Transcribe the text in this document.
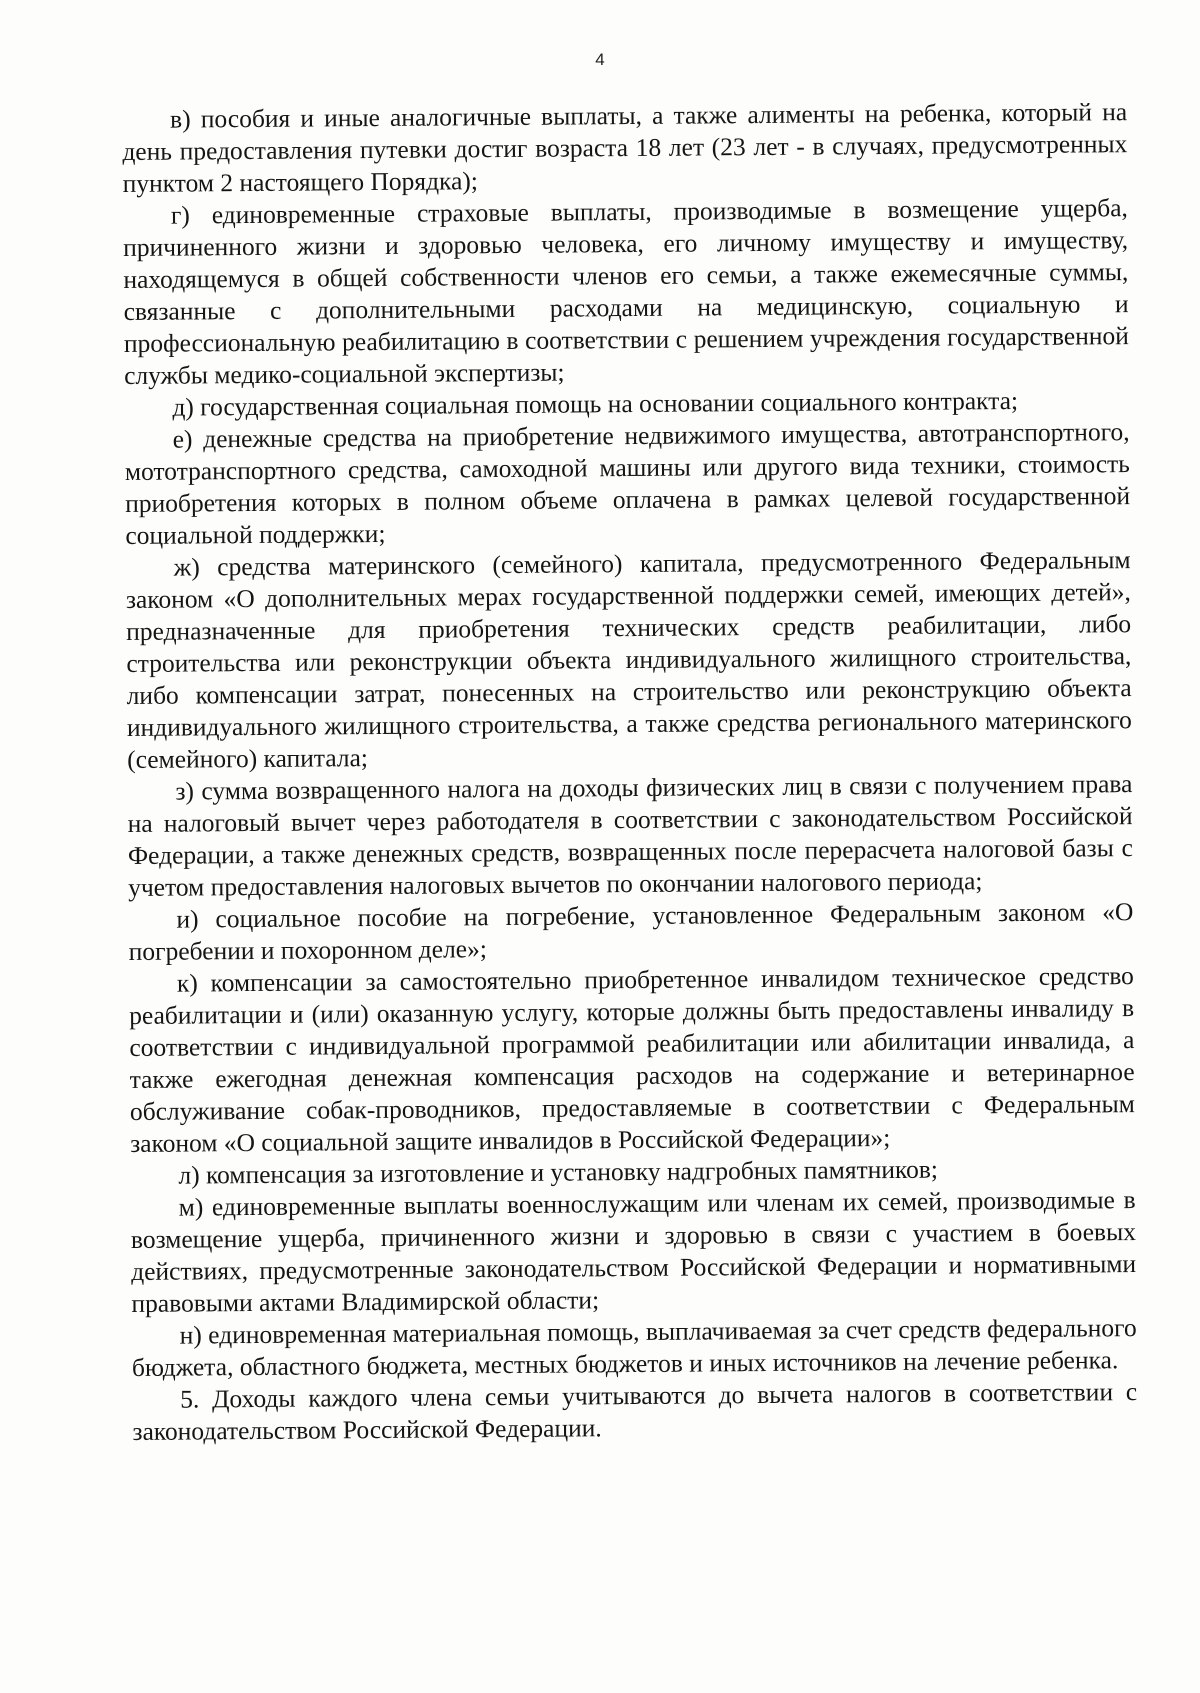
4

в) пособия и иные аналогичные выплаты, а также алименты на ребенка, который на день предоставления путевки достиг возраста 18 лет (23 лет - в случаях, предусмотренных пунктом 2 настоящего Порядка);

г) единовременные страховые выплаты, производимые в возмещение ущерба, причиненного жизни и здоровью человека, его личному имуществу и имуществу, находящемуся в общей собственности членов его семьи, а также ежемесячные суммы, связанные с дополнительными расходами на медицинскую, социальную и профессиональную реабилитацию в соответствии с решением учреждения государственной службы медико-социальной экспертизы;

д) государственная социальная помощь на основании социального контракта;

е) денежные средства на приобретение недвижимого имущества, автотранспортного, мототранспортного средства, самоходной машины или другого вида техники, стоимость приобретения которых в полном объеме оплачена в рамках целевой государственной социальной поддержки;

ж) средства материнского (семейного) капитала, предусмотренного Федеральным законом «О дополнительных мерах государственной поддержки семей, имеющих детей», предназначенные для приобретения технических средств реабилитации, либо строительства или реконструкции объекта индивидуального жилищного строительства, либо компенсации затрат, понесенных на строительство или реконструкцию объекта индивидуального жилищного строительства, а также средства регионального материнского (семейного) капитала;

з) сумма возвращенного налога на доходы физических лиц в связи с получением права на налоговый вычет через работодателя в соответствии с законодательством Российской Федерации, а также денежных средств, возвращенных после перерасчета налоговой базы с учетом предоставления налоговых вычетов по окончании налогового периода;

и) социальное пособие на погребение, установленное Федеральным законом «О погребении и похоронном деле»;

к) компенсации за самостоятельно приобретенное инвалидом техническое средство реабилитации и (или) оказанную услугу, которые должны быть предоставлены инвалиду в соответствии с индивидуальной программой реабилитации или абилитации инвалида, а также ежегодная денежная компенсация расходов на содержание и ветеринарное обслуживание собак-проводников, предоставляемые в соответствии с Федеральным законом «О социальной защите инвалидов в Российской Федерации»;

л) компенсация за изготовление и установку надгробных памятников;

м) единовременные выплаты военнослужащим или членам их семей, производимые в возмещение ущерба, причиненного жизни и здоровью в связи с участием в боевых действиях, предусмотренные законодательством Российской Федерации и нормативными правовыми актами Владимирской области;

н) единовременная материальная помощь, выплачиваемая за счет средств федерального бюджета, областного бюджета, местных бюджетов и иных источников на лечение ребенка.

5. Доходы каждого члена семьи учитываются до вычета налогов в соответствии с законодательством Российской Федерации.
